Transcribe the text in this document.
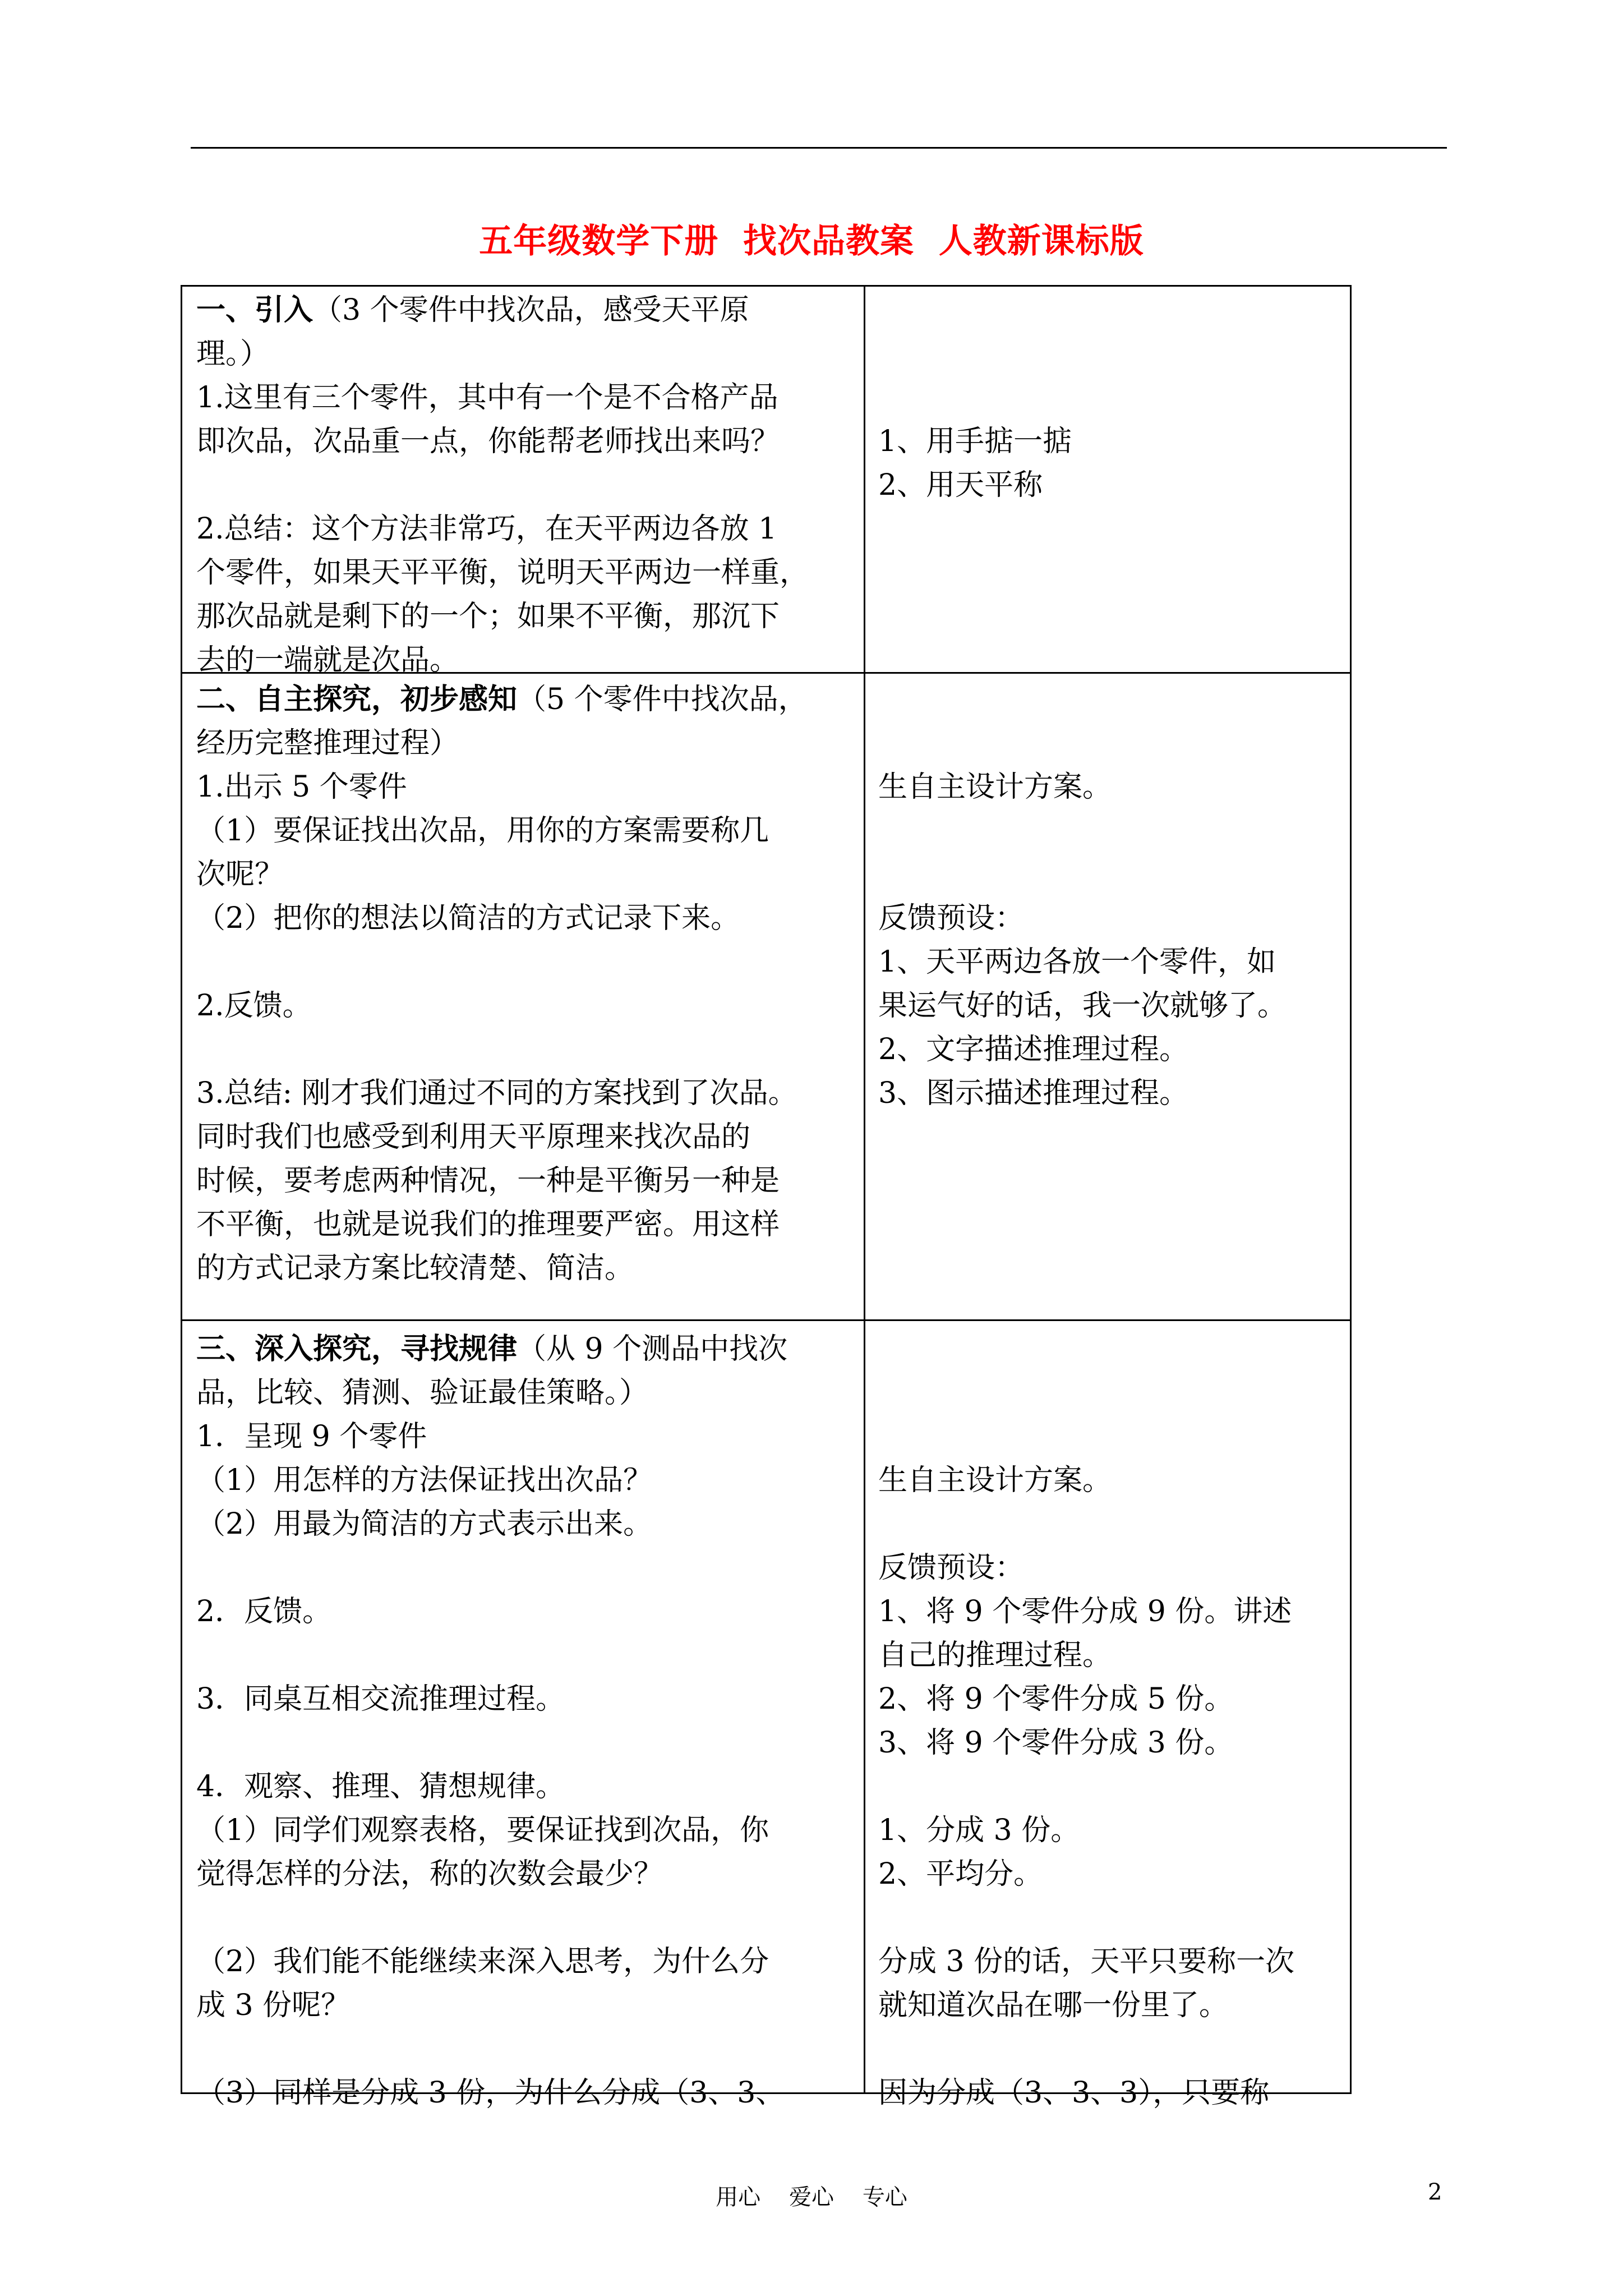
五年级数学下册  找次品教案  人教新课标版
一、引入（3 个零件中找次品，感受天平原
理。）
1.这里有三个零件，其中有一个是不合格产品
即次品，次品重一点，你能帮老师找出来吗？
2.总结：这个方法非常巧，在天平两边各放 1
个零件，如果天平平衡，说明天平两边一样重，
那次品就是剩下的一个；如果不平衡，那沉下
去的一端就是次品。
1、用手掂一掂
2、用天平称
二、自主探究，初步感知（5 个零件中找次品，
经历完整推理过程）
1.出示 5 个零件
（1）要保证找出次品，用你的方案需要称几
次呢？
（2）把你的想法以简洁的方式记录下来。
2.反馈。
3.总结: 刚才我们通过不同的方案找到了次品。
同时我们也感受到利用天平原理来找次品的
时候，要考虑两种情况，一种是平衡另一种是
不平衡，也就是说我们的推理要严密。用这样
的方式记录方案比较清楚、简洁。
生自主设计方案。
反馈预设：
1、天平两边各放一个零件，如
果运气好的话，我一次就够了。
2、文字描述推理过程。
3、图示描述推理过程。
三、深入探究，寻找规律（从 9 个测品中找次
品，比较、猜测、验证最佳策略。）
1．呈现 9 个零件
（1）用怎样的方法保证找出次品？
（2）用最为简洁的方式表示出来。
2．反馈。
3．同桌互相交流推理过程。
4．观察、推理、猜想规律。
（1）同学们观察表格，要保证找到次品，你
觉得怎样的分法，称的次数会最少？
（2）我们能不能继续来深入思考，为什么分
成 3 份呢？
（3）同样是分成 3 份，为什么分成（3、3、
生自主设计方案。
反馈预设：
1、将 9 个零件分成 9 份。讲述
自己的推理过程。
2、将 9 个零件分成 5 份。
3、将 9 个零件分成 3 份。
1、分成 3 份。
2、平均分。
分成 3 份的话，天平只要称一次
就知道次品在哪一份里了。
因为分成（3、3、3），只要称
用心    爱心    专心	2
